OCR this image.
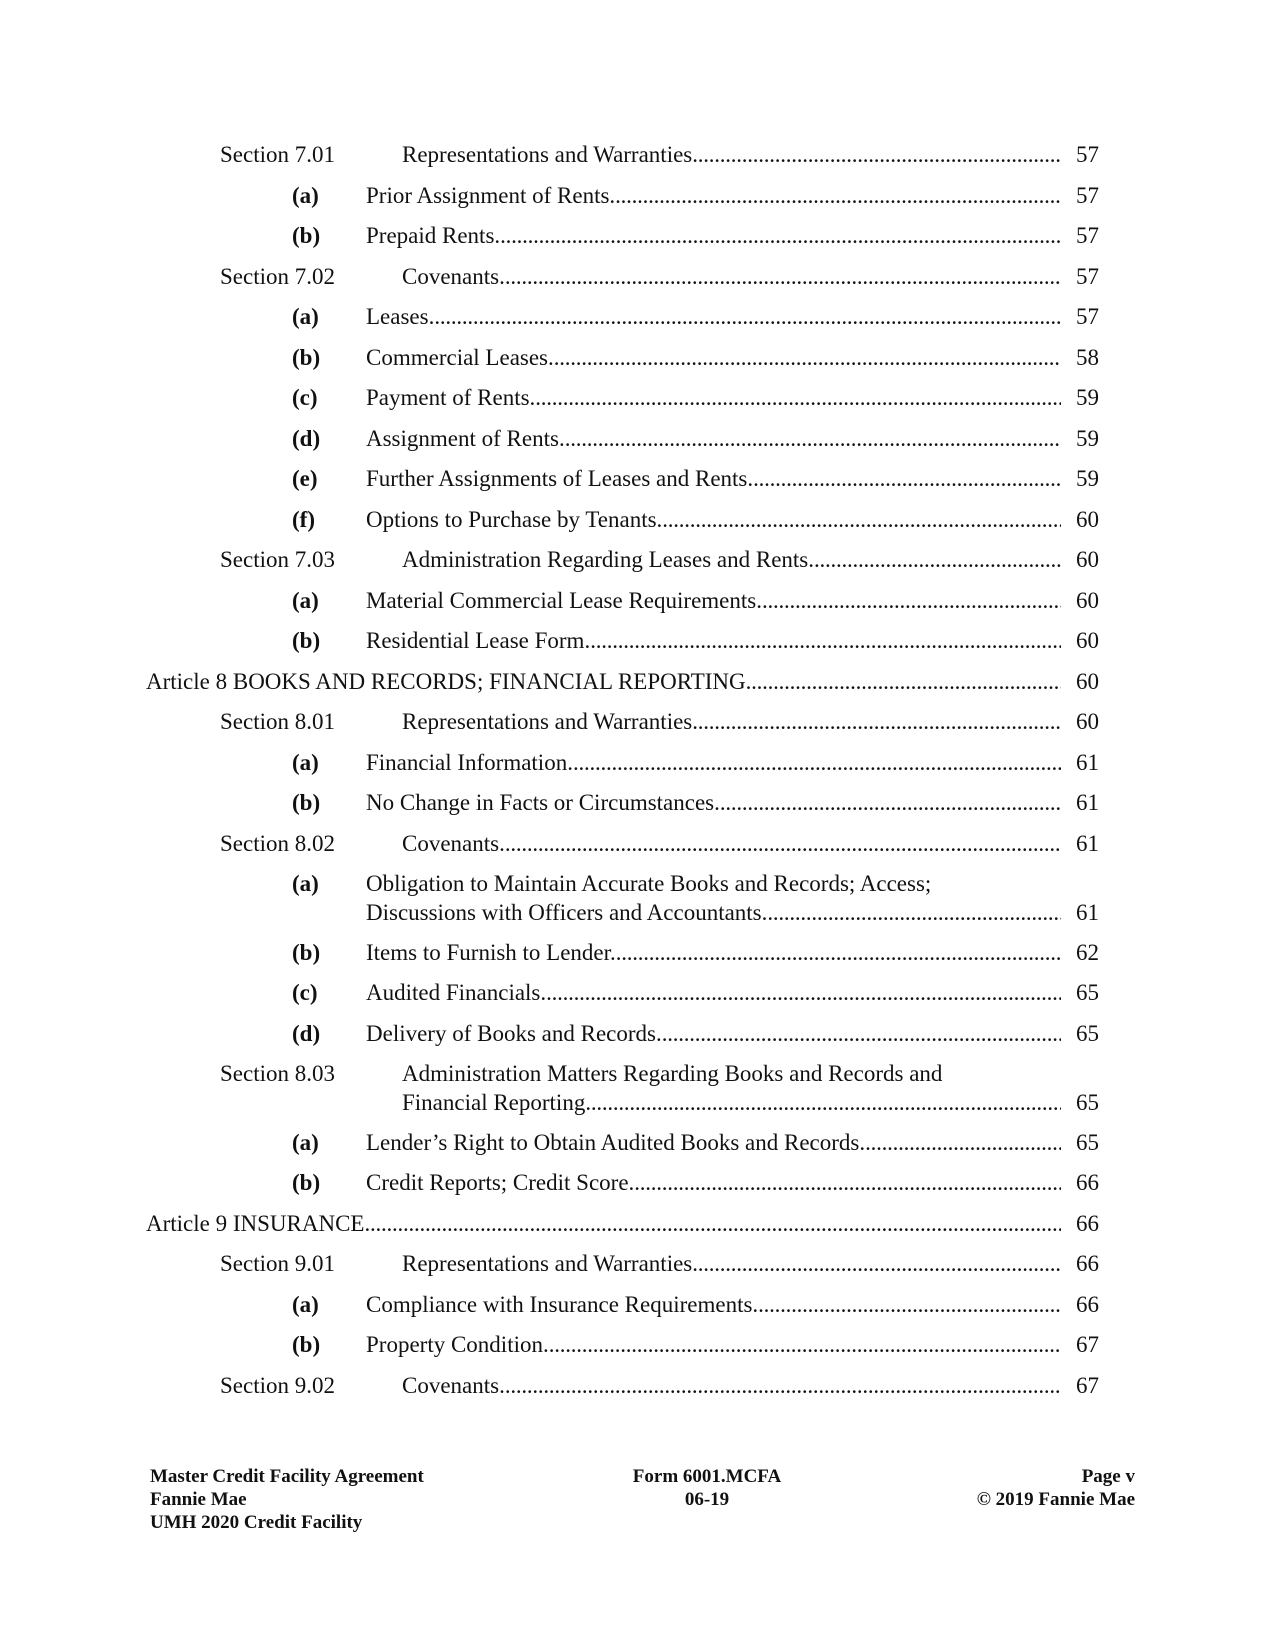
Section 7.01	Representations and Warranties . . .	57
(a) Prior Assignment of Rents. . . .	57
(b) Prepaid Rents. . . .	57
Section 7.02	Covenants. . . .	57
(a) Leases. . . .	57
(b) Commercial Leases. . . .	58
(c) Payment of Rents. . . .	59
(d) Assignment of Rents. . . .	59
(e) Further Assignments of Leases and Rents. . . .	59
(f) Options to Purchase by Tenants. . . .	60
Section 7.03	Administration Regarding Leases and Rents. . . .	60
(a) Material Commercial Lease Requirements. . . .	60
(b) Residential Lease Form. . . .	60
Article 8 BOOKS AND RECORDS; FINANCIAL REPORTING . . .	60
Section 8.01	Representations and Warranties . . .	60
(a) Financial Information. . . .	61
(b) No Change in Facts or Circumstances. . . .	61
Section 8.02	Covenants. . . .	61
(a) Obligation to Maintain Accurate Books and Records; Access;
Discussions with Officers and Accountants. . . .	61
(b) Items to Furnish to Lender. . . .	62
(c) Audited Financials. . . .	65
(d) Delivery of Books and Records. . . .	65
Section 8.03	Administration Matters Regarding Books and Records and
Financial Reporting . . .	65
(a) Lender’s Right to Obtain Audited Books and Records. . . .	65
(b) Credit Reports; Credit Score. . . .	66
Article 9 INSURANCE . . .	66
Section 9.01	Representations and Warranties . . .	66
(a) Compliance with Insurance Requirements. . . .	66
(b) Property Condition. . . .	67
Section 9.02	Covenants. . . .	67
Master Credit Facility Agreement
Fannie Mae
UMH 2020 Credit Facility
Form 6001.MCFA
06-19
Page v
© 2019 Fannie Mae
